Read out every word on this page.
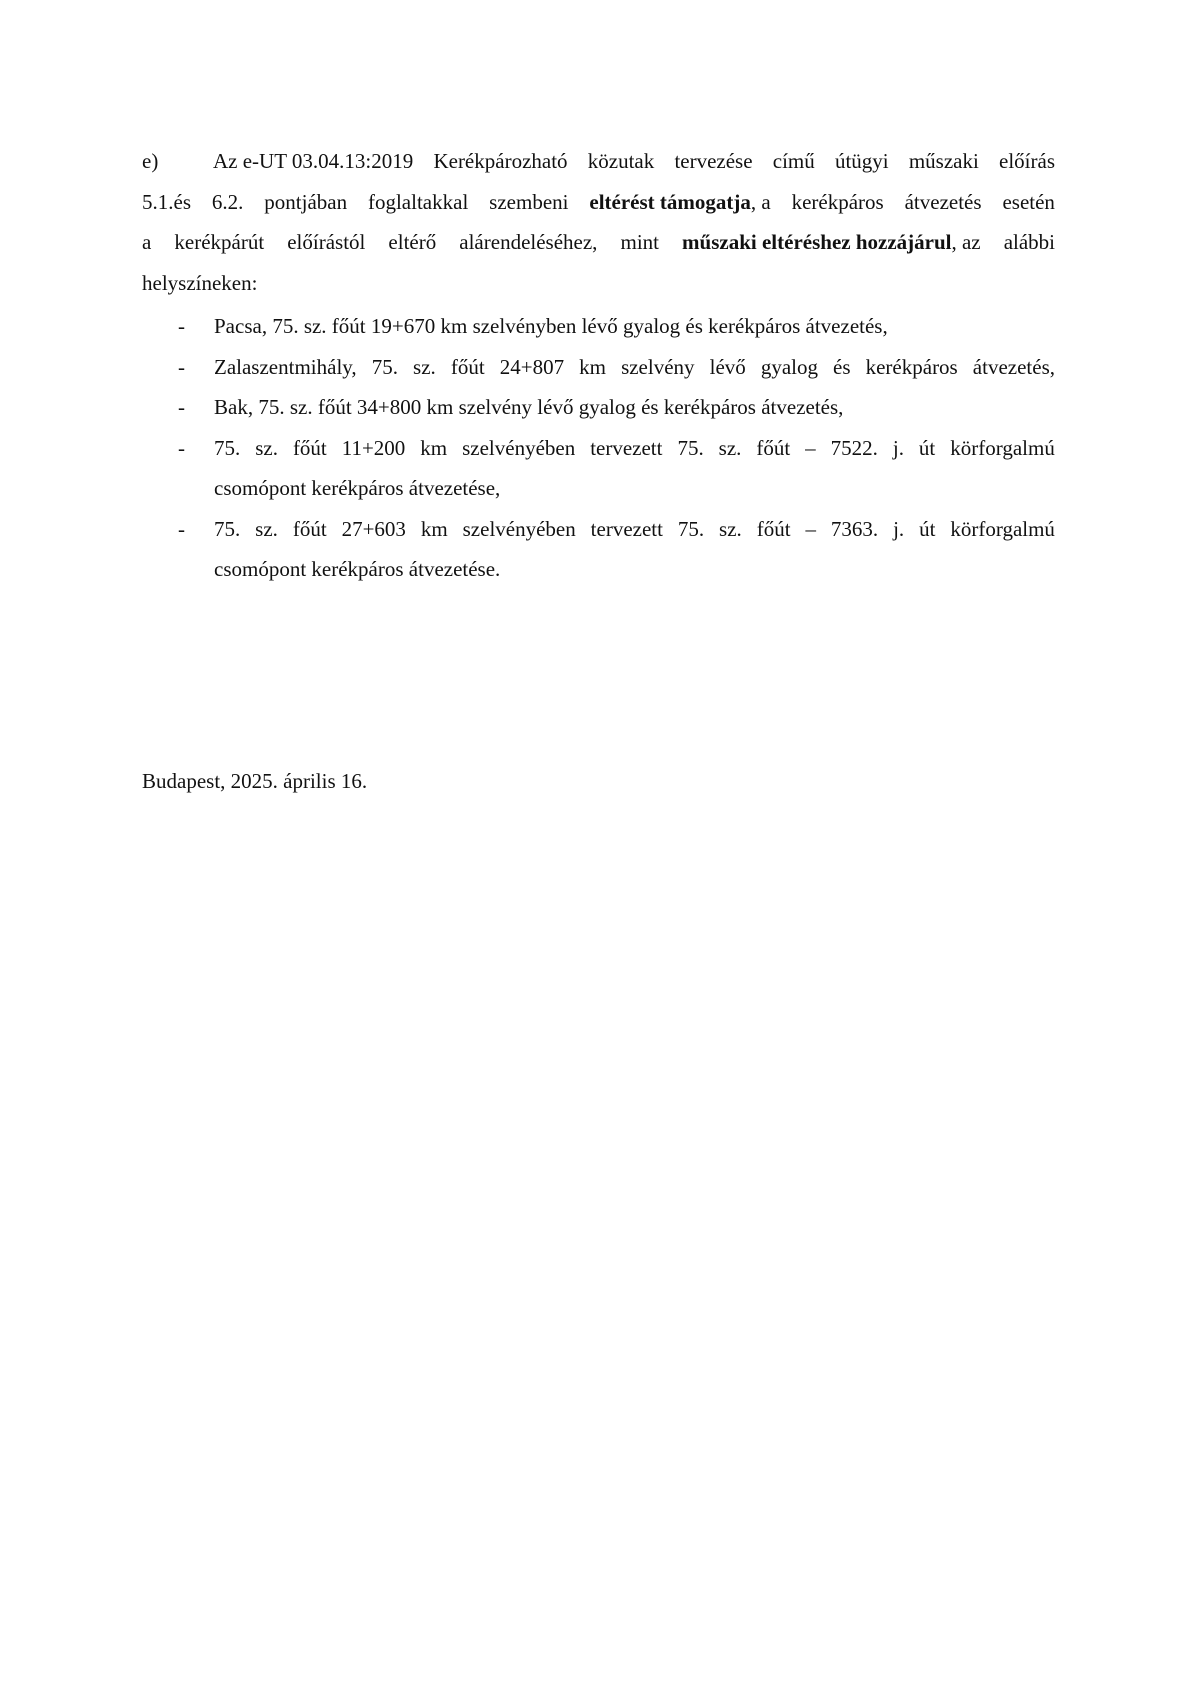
e)	Az e-UT 03.04.13:2019 Kerékpározható közutak tervezése című útügyi műszaki előírás
5.1.és 6.2. pontjában foglaltakkal szembeni eltérést támogatja, a kerékpáros átvezetés esetén
a kerékpárút előírástól eltérő alárendeléséhez, mint műszaki eltéréshez hozzájárul, az alábbi
helyszíneken:
- Pacsa, 75. sz. főút 19+670 km szelvényben lévő gyalog és kerékpáros átvezetés,
- Zalaszentmihály, 75. sz. főút 24+807 km szelvény lévő gyalog és kerékpáros átvezetés,
- Bak, 75. sz. főút 34+800 km szelvény lévő gyalog és kerékpáros átvezetés,
- 75. sz. főút 11+200 km szelvényében tervezett 75. sz. főút – 7522. j. út körforgalmú
csomópont kerékpáros átvezetése,
- 75. sz. főút 27+603 km szelvényében tervezett 75. sz. főút – 7363. j. út körforgalmú
csomópont kerékpáros átvezetése.
Budapest, 2025. április 16.
